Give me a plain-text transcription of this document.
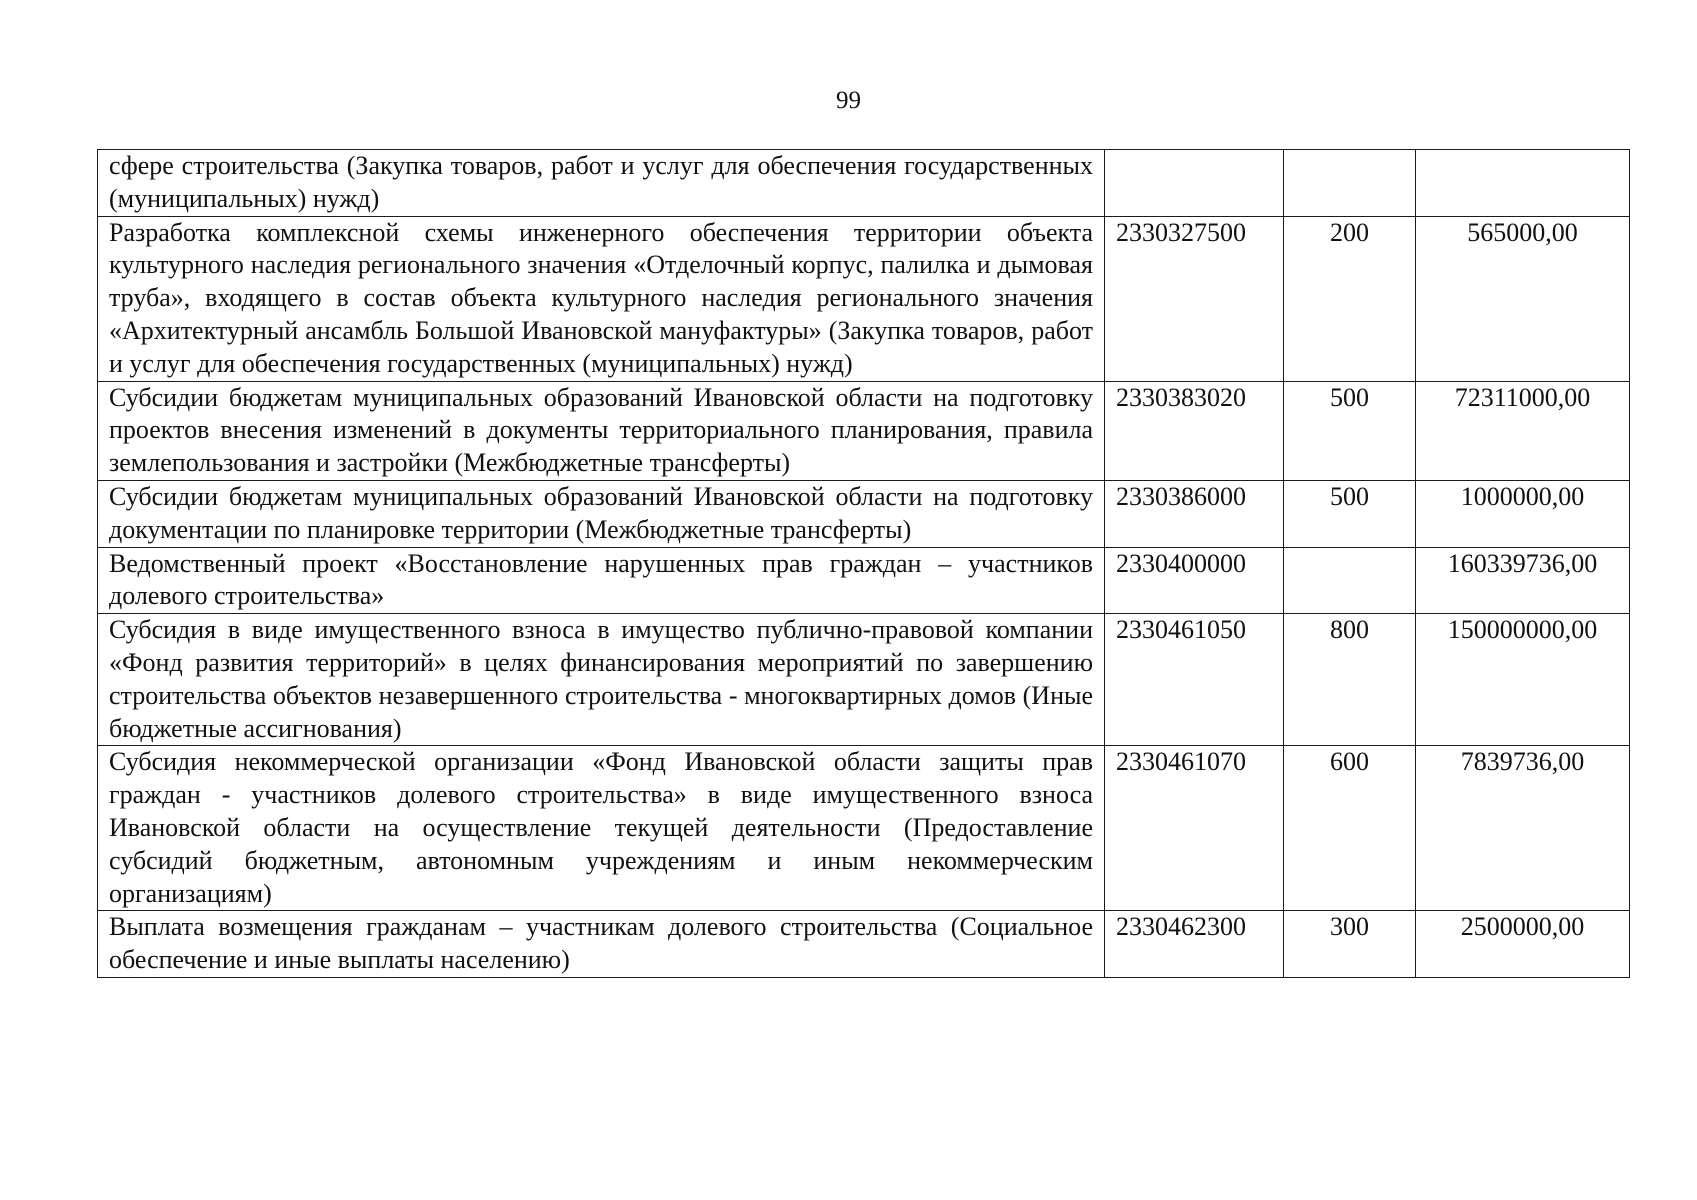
99
сфере строительства (Закупка товаров, работ и услуг для обеспечения государственных (муниципальных) нужд)			
Разработка комплексной схемы инженерного обеспечения территории объекта культурного наследия регионального значения «Отделочный корпус, палилка и дымовая труба», входящего в состав объекта культурного наследия регионального значения «Архитектурный ансамбль Большой Ивановской мануфактуры» (Закупка товаров, работ и услуг для обеспечения государственных (муниципальных) нужд)	2330327500	200	565000,00
Субсидии бюджетам муниципальных образований Ивановской области на подготовку проектов внесения изменений в документы территориального планирования, правила землепользования и застройки (Межбюджетные трансферты)	2330383020	500	72311000,00
Субсидии бюджетам муниципальных образований Ивановской области на подготовку документации по планировке территории (Межбюджетные трансферты)	2330386000	500	1000000,00
Ведомственный проект «Восстановление нарушенных прав граждан – участников долевого строительства»	2330400000		160339736,00
Субсидия в виде имущественного взноса в имущество публично-правовой компании «Фонд развития территорий» в целях финансирования мероприятий по завершению строительства объектов незавершенного строительства - многоквартирных домов (Иные бюджетные ассигнования)	2330461050	800	150000000,00
Субсидия некоммерческой организации «Фонд Ивановской области защиты прав граждан - участников долевого строительства» в виде имущественного взноса Ивановской области на осуществление текущей деятельности (Предоставление субсидий бюджетным, автономным учреждениям и иным некоммерческим организациям)	2330461070	600	7839736,00
Выплата возмещения гражданам – участникам долевого строительства (Социальное обеспечение и иные выплаты населению)	2330462300	300	2500000,00
